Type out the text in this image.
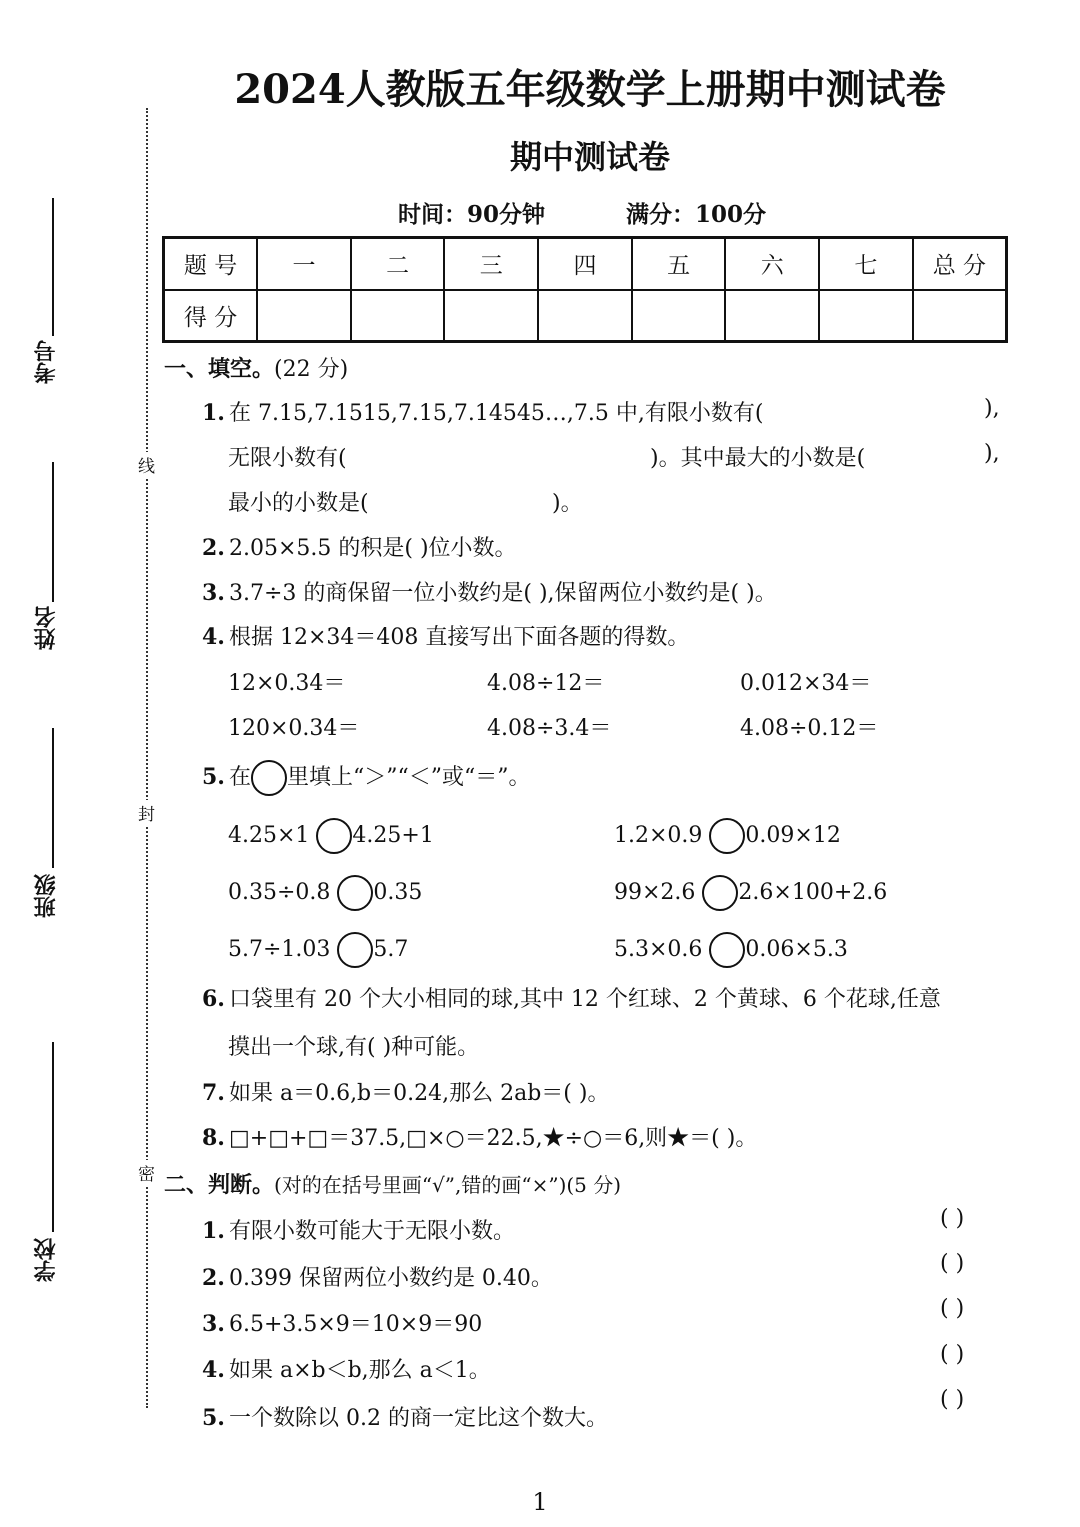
考号
姓名
班级
学校
线
封
密
2024人教版五年级数学上册期中测试卷
期中测试卷
时间：90分钟	满分：100分
题 号	一	二	三	四	五	六	七	总 分
得 分								
一、填空。(22 分)
1. 在 7.15,7.1515,7.15,7.14545…,7.5 中,有限小数有(	),
无限小数有(	)。其中最大的小数是(	),
最小的小数是(	)。
2. 2.05×5.5 的积是( )位小数。
3. 3.7÷3 的商保留一位小数约是( ),保留两位小数约是( )。
4. 根据 12×34＝408 直接写出下面各题的得数。
12×0.34＝	4.08÷12＝	0.012×34＝
120×0.34＝	4.08÷3.4＝	4.08÷0.12＝
5. 在 里填上“＞”“＜”或“＝”。
4.25×1 4.25+1	1.2×0.9 0.09×12
0.35÷0.8 0.35	99×2.6 2.6×100+2.6
5.7÷1.03 5.7	5.3×0.6 0.06×5.3
6. 口袋里有 20 个大小相同的球,其中 12 个红球、2 个黄球、6 个花球,任意
摸出一个球,有( )种可能。
7. 如果 a＝0.6,b＝0.24,那么 2ab＝( )。
8. □+□+□＝37.5,□×○＝22.5,★÷○＝6,则★＝( )。
二、判断。(对的在括号里画“√”,错的画“×”)(5 分)
1. 有限小数可能大于无限小数。
( )
2. 0.399 保留两位小数约是 0.40。
( )
3. 6.5+3.5×9＝10×9＝90
( )
4. 如果 a×b＜b,那么 a＜1。
( )
5. 一个数除以 0.2 的商一定比这个数大。
( )
1
